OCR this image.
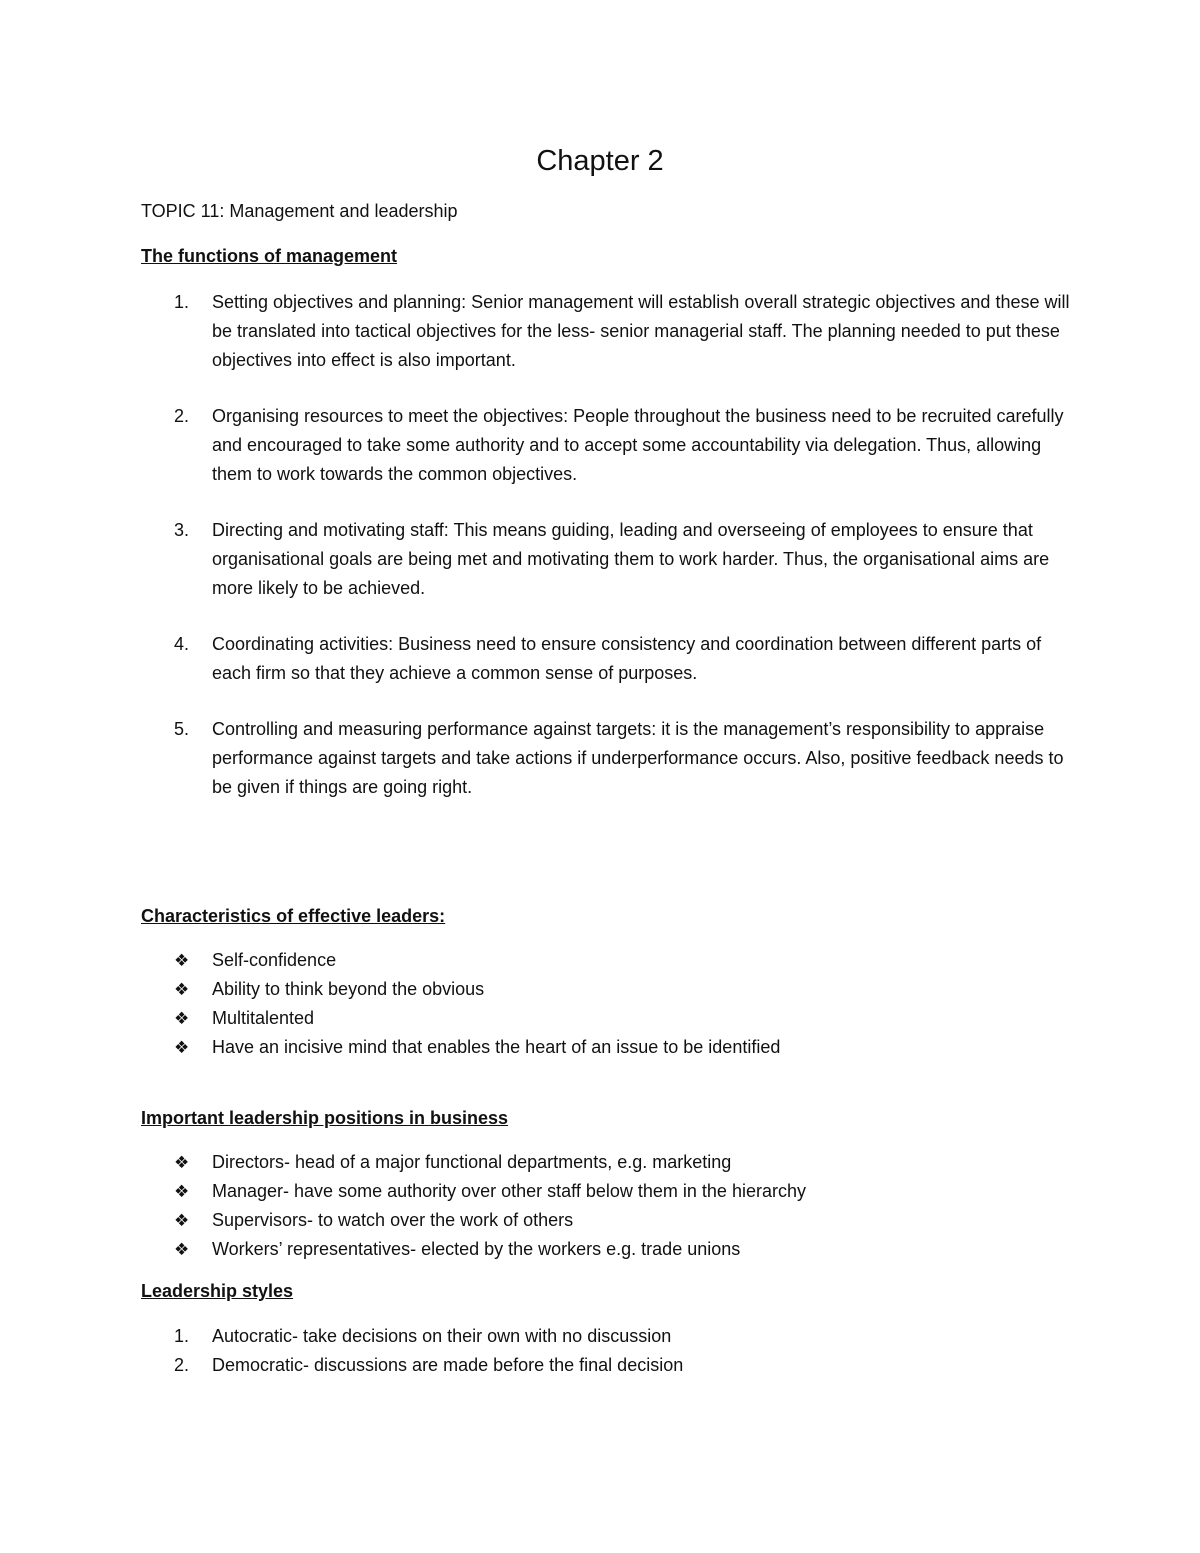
Chapter 2

TOPIC 11: Management and leadership

The functions of management

1. Setting objectives and planning: Senior management will establish overall strategic objectives and these will be translated into tactical objectives for the less- senior managerial staff. The planning needed to put these objectives into effect is also important.
2. Organising resources to meet the objectives: People throughout the business need to be recruited carefully and encouraged to take some authority and to accept some accountability via delegation. Thus, allowing them to work towards the common objectives.
3. Directing and motivating staff: This means guiding, leading and overseeing of employees to ensure that organisational goals are being met and motivating them to work harder. Thus, the organisational aims are more likely to be achieved.
4. Coordinating activities: Business need to ensure consistency and coordination between different parts of each firm so that they achieve a common sense of purposes.
5. Controlling and measuring performance against targets: it is the management’s responsibility to appraise performance against targets and take actions if underperformance occurs. Also, positive feedback needs to be given if things are going right.

Characteristics of effective leaders:

❖ Self-confidence
❖ Ability to think beyond the obvious
❖ Multitalented
❖ Have an incisive mind that enables the heart of an issue to be identified

Important leadership positions in business

❖ Directors- head of a major functional departments, e.g. marketing
❖ Manager- have some authority over other staff below them in the hierarchy
❖ Supervisors- to watch over the work of others
❖ Workers’ representatives- elected by the workers e.g. trade unions

Leadership styles

1. Autocratic- take decisions on their own with no discussion
2. Democratic- discussions are made before the final decision
